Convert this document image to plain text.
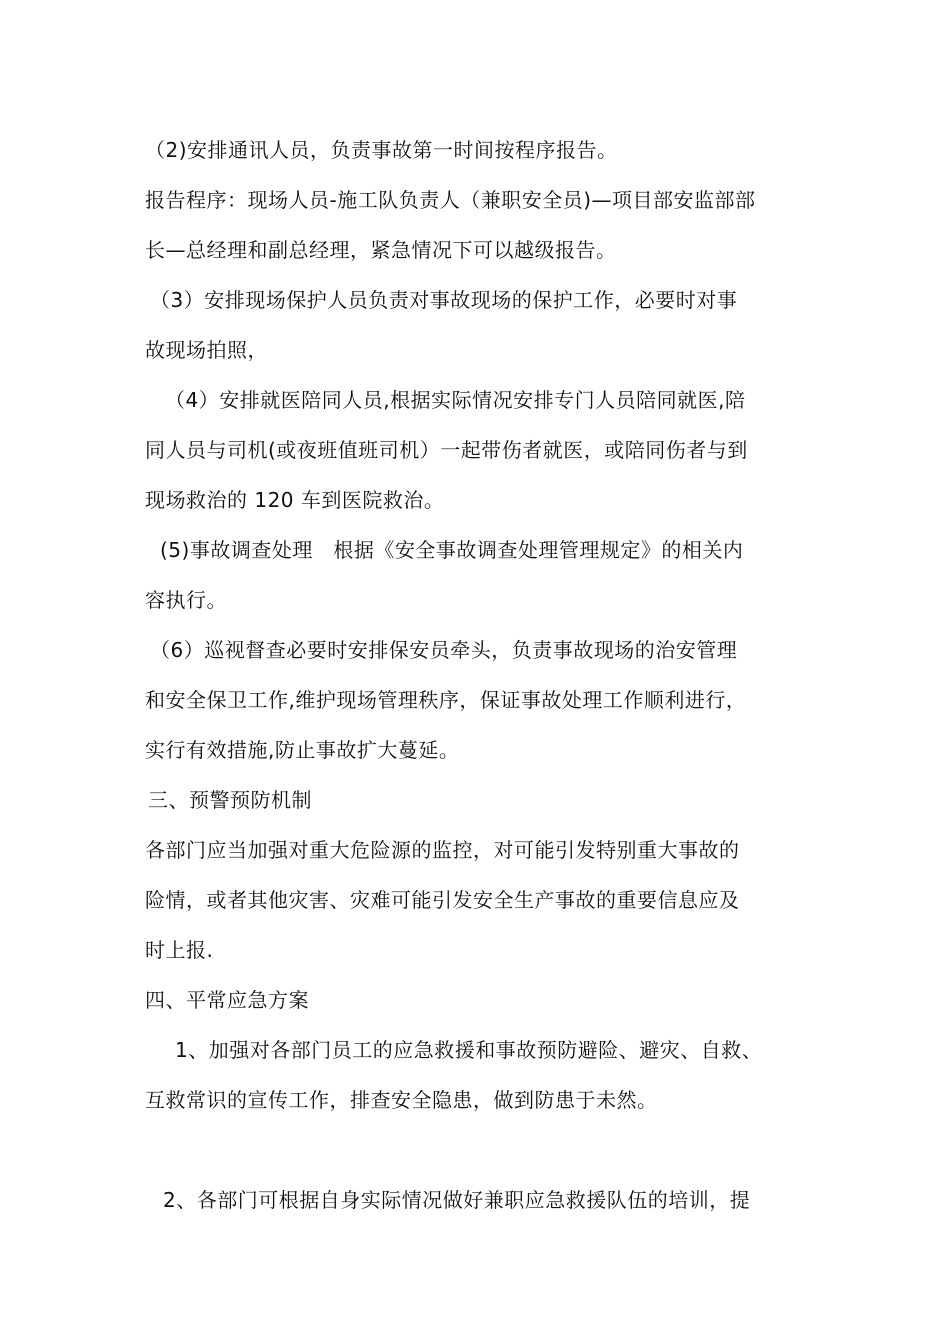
（2)安排通讯人员，负责事故第一时间按程序报告。
报告程序：现场人员-施工队负责人（兼职安全员)—项目部安监部部
长—总经理和副总经理，紧急情况下可以越级报告。
（3）安排现场保护人员负责对事故现场的保护工作，必要时对事
故现场拍照，
（4）安排就医陪同人员,根据实际情况安排专门人员陪同就医,陪
同人员与司机(或夜班值班司机）一起带伤者就医，或陪同伤者与到
现场救治的 120 车到医院救治。
(5)事故调查处理　根据《安全事故调查处理管理规定》的相关内
容执行。
（6）巡视督查必要时安排保安员牵头，负责事故现场的治安管理
和安全保卫工作,维护现场管理秩序，保证事故处理工作顺利进行，
实行有效措施,防止事故扩大蔓延。
三、预警预防机制
各部门应当加强对重大危险源的监控，对可能引发特别重大事故的
险情，或者其他灾害、灾难可能引发安全生产事故的重要信息应及
时上报.
四、平常应急方案
1、加强对各部门员工的应急救援和事故预防避险、避灾、自救、
互救常识的宣传工作，排查安全隐患，做到防患于未然。
2、各部门可根据自身实际情况做好兼职应急救援队伍的培训，提
